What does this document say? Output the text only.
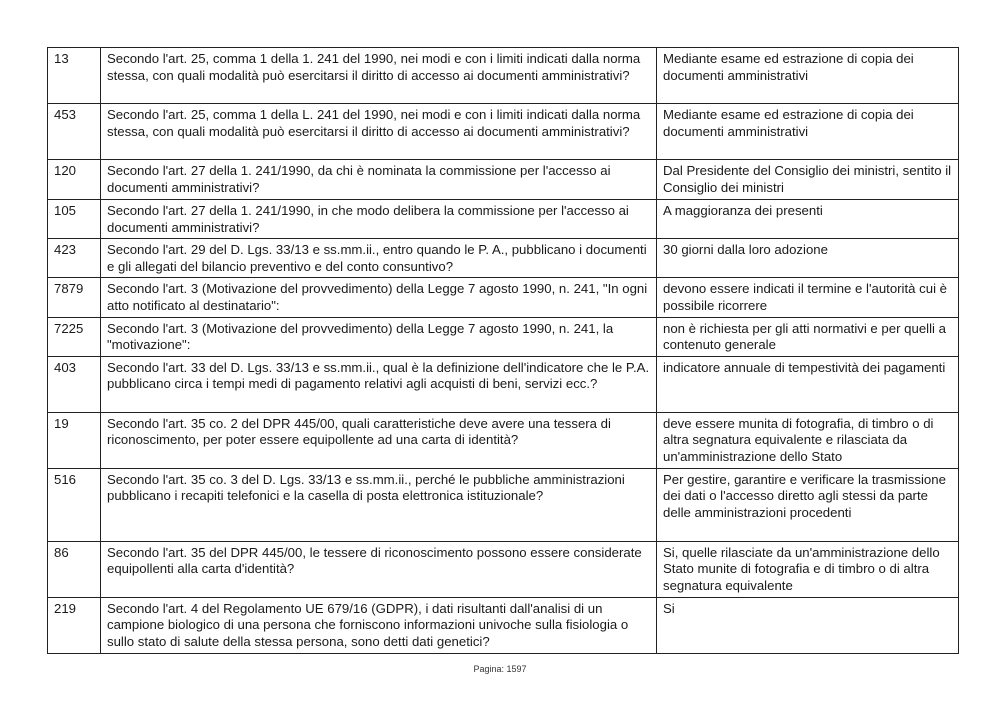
13	Secondo l'art. 25, comma 1 della 1. 241 del 1990, nei modi e con i limiti indicati dalla norma stessa, con quali modalità può esercitarsi il diritto di accesso ai documenti amministrativi?	Mediante esame ed estrazione di copia dei documenti amministrativi
453	Secondo l'art. 25, comma 1 della L. 241 del 1990, nei modi e con i limiti indicati dalla norma stessa, con quali modalità può esercitarsi il diritto di accesso ai documenti amministrativi?	Mediante esame ed estrazione di copia dei documenti amministrativi
120	Secondo l'art. 27 della 1. 241/1990, da chi è nominata la commissione per l'accesso ai documenti amministrativi?	Dal Presidente del Consiglio dei ministri, sentito il Consiglio dei ministri
105	Secondo l'art. 27 della 1. 241/1990, in che modo delibera la commissione per l'accesso ai documenti amministrativi?	A maggioranza dei presenti
423	Secondo l'art. 29 del D. Lgs. 33/13 e ss.mm.ii., entro quando le P. A., pubblicano i documenti e gli allegati del bilancio preventivo e del conto consuntivo?	30 giorni dalla loro adozione
7879	Secondo l'art. 3 (Motivazione del provvedimento) della Legge 7 agosto 1990, n. 241, "In ogni atto notificato al destinatario":	devono essere indicati il termine e l'autorità cui è possibile ricorrere
7225	Secondo l'art. 3 (Motivazione del provvedimento) della Legge 7 agosto 1990, n. 241, la "motivazione":	non è richiesta per gli atti normativi e per quelli a contenuto generale
403	Secondo l'art. 33 del D. Lgs. 33/13 e ss.mm.ii., qual è la definizione dell'indicatore che le P.A. pubblicano circa i tempi medi di pagamento relativi agli acquisti di beni, servizi ecc.?	indicatore annuale di tempestività dei pagamenti
19	Secondo l'art. 35 co. 2 del DPR 445/00, quali caratteristiche deve avere una tessera di riconoscimento, per poter essere equipollente ad una carta di identità?	deve essere munita di fotografia, di timbro o di altra segnatura equivalente e rilasciata da un'amministrazione dello Stato
516	Secondo l'art. 35 co. 3 del D. Lgs. 33/13 e ss.mm.ii., perché le pubbliche amministrazioni pubblicano i recapiti telefonici e la casella di posta elettronica istituzionale?	Per gestire, garantire e verificare la trasmissione dei dati o l'accesso diretto agli stessi da parte delle amministrazioni procedenti
86	Secondo l'art. 35 del DPR 445/00, le tessere di riconoscimento possono essere considerate equipollenti alla carta d'identità?	Si, quelle rilasciate da un'amministrazione dello Stato munite di fotografia e di timbro o di altra segnatura equivalente
219	Secondo l'art. 4 del Regolamento UE 679/16 (GDPR), i dati risultanti dall'analisi di un campione biologico di una persona che forniscono informazioni univoche sulla fisiologia o sullo stato di salute della stessa persona, sono detti dati genetici?	Si
Pagina: 1597
